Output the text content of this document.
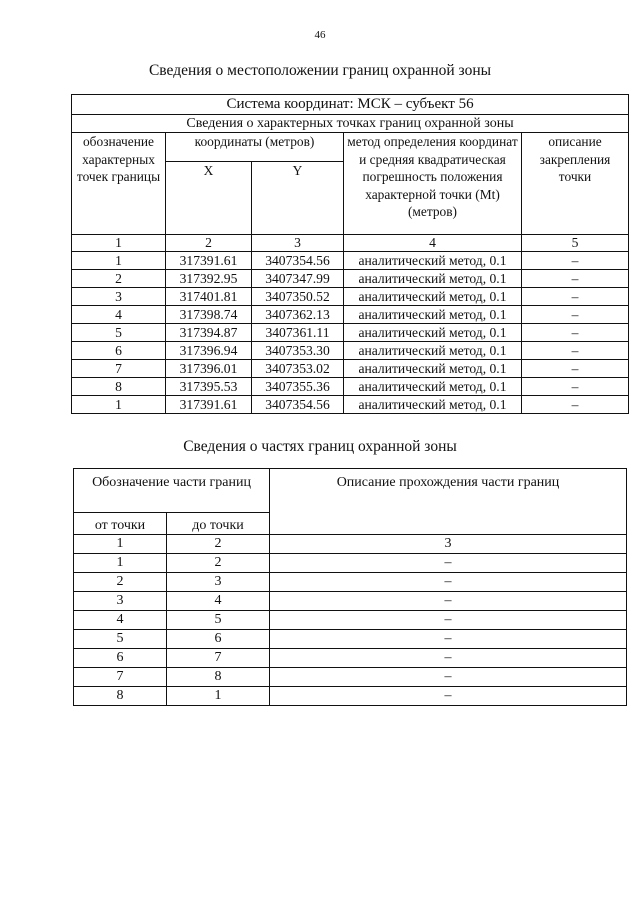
46
Сведения о местоположении границ охранной зоны
Система координат: МСК – субъект 56				
Сведения о характерных точках границ охранной зоны				
обозначение характерных точек границы	координаты (метров)		метод определения координат и средняя квадратическая погрешность положения характерной точки (Mt) (метров)	описание закрепления точки
	X	Y		
1	2	3	4	5
1	317391.61	3407354.56	аналитический метод, 0.1	–
2	317392.95	3407347.99	аналитический метод, 0.1	–
3	317401.81	3407350.52	аналитический метод, 0.1	–
4	317398.74	3407362.13	аналитический метод, 0.1	–
5	317394.87	3407361.11	аналитический метод, 0.1	–
6	317396.94	3407353.30	аналитический метод, 0.1	–
7	317396.01	3407353.02	аналитический метод, 0.1	–
8	317395.53	3407355.36	аналитический метод, 0.1	–
1	317391.61	3407354.56	аналитический метод, 0.1	–
Сведения о частях границ охранной зоны
Обозначение части границ		Описание прохождения части границ
от точки	до точки	
1	2	3
1	2	–
2	3	–
3	4	–
4	5	–
5	6	–
6	7	–
7	8	–
8	1	–
